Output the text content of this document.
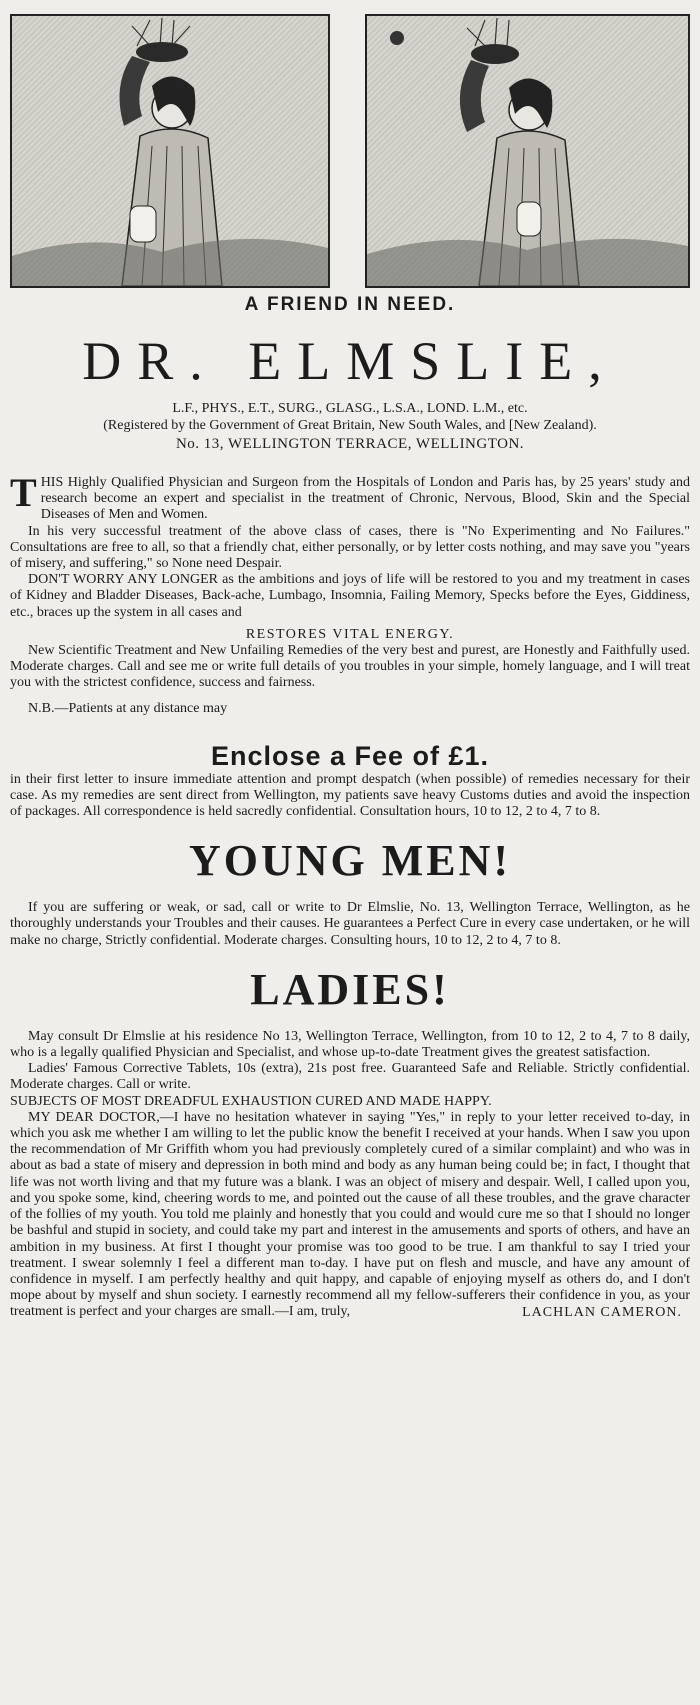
A FRIEND IN NEED.
DR. ELMSLIE,
L.F., PHYS., E.T., SURG., GLASG., L.S.A., LOND. L.M., etc.
(Registered by the Government of Great Britain, New South Wales, and [New Zealand).
No. 13, WELLINGTON TERRACE, WELLINGTON.

THIS Highly Qualified Physician and Surgeon from the Hospitals of London and Paris has, by 25 years' study and research become an expert and specialist in the treatment of Chronic, Nervous, Blood, Skin and the Special Diseases of Men and Women.

In his very successful treatment of the above class of cases, there is "No Experimenting and No Failures." Consultations are free to all, so that a friendly chat, either personally, or by letter costs nothing, and may save you "years of misery, and suffering," so None need Despair.

DON'T WORRY ANY LONGER as the ambitions and joys of life will be restored to you and my treatment in cases of Kidney and Bladder Diseases, Back-ache, Lumbago, Insomnia, Failing Memory, Specks before the Eyes, Giddiness, etc., braces up the system in all cases and

RESTORES VITAL ENERGY.

New Scientific Treatment and New Unfailing Remedies of the very best and purest, are Honestly and Faithfully used. Moderate charges. Call and see me or write full details of you troubles in your simple, homely language, and I will treat you with the strictest confidence, success and fairness.

N.B.—Patients at any distance may

Enclose a Fee of £1.

in their first letter to insure immediate attention and prompt despatch (when possible) of remedies necessary for their case. As my remedies are sent direct from Wellington, my patients save heavy Customs duties and avoid the inspection of packages. All correspondence is held sacredly confidential. Consultation hours, 10 to 12, 2 to 4, 7 to 8.

YOUNG MEN!

If you are suffering or weak, or sad, call or write to Dr Elmslie, No. 13, Wellington Terrace, Wellington, as he thoroughly understands your Troubles and their causes. He guarantees a Perfect Cure in every case undertaken, or he will make no charge, Strictly confidential. Moderate charges. Consulting hours, 10 to 12, 2 to 4, 7 to 8.

LADIES!

May consult Dr Elmslie at his residence No 13, Wellington Terrace, Wellington, from 10 to 12, 2 to 4, 7 to 8 daily, who is a legally qualified Physician and Specialist, and whose up-to-date Treatment gives the greatest satisfaction.

Ladies' Famous Corrective Tablets, 10s (extra), 21s post free. Guaranteed Safe and Reliable. Strictly confidential. Moderate charges. Call or write.

SUBJECTS OF MOST DREADFUL EXHAUSTION CURED AND MADE HAPPY.

MY DEAR DOCTOR,—I have no hesitation whatever in saying "Yes," in reply to your letter received to-day, in which you ask me whether I am willing to let the public know the benefit I received at your hands. When I saw you upon the recommendation of Mr Griffith whom you had previously completely cured of a similar complaint) and who was in about as bad a state of misery and depression in both mind and body as any human being could be; in fact, I thought that life was not worth living and that my future was a blank. I was an object of misery and despair. Well, I called upon you, and you spoke some, kind, cheering words to me, and pointed out the cause of all these troubles, and the grave character of the follies of my youth. You told me plainly and honestly that you could and would cure me so that I should no longer be bashful and stupid in society, and could take my part and interest in the amusements and sports of others, and have an ambition in my business. At first I thought your promise was too good to be true. I am thankful to say I tried your treatment. I swear solemnly I feel a different man to-day. I have put on flesh and muscle, and have any amount of confidence in myself. I am perfectly healthy and quit happy, and capable of enjoying myself as others do, and I don't mope about by myself and shun society. I earnestly recommend all my fellow-sufferers their confidence in you, as your treatment is perfect and your charges are small.—I am, truly,	LACHLAN CAMERON.
